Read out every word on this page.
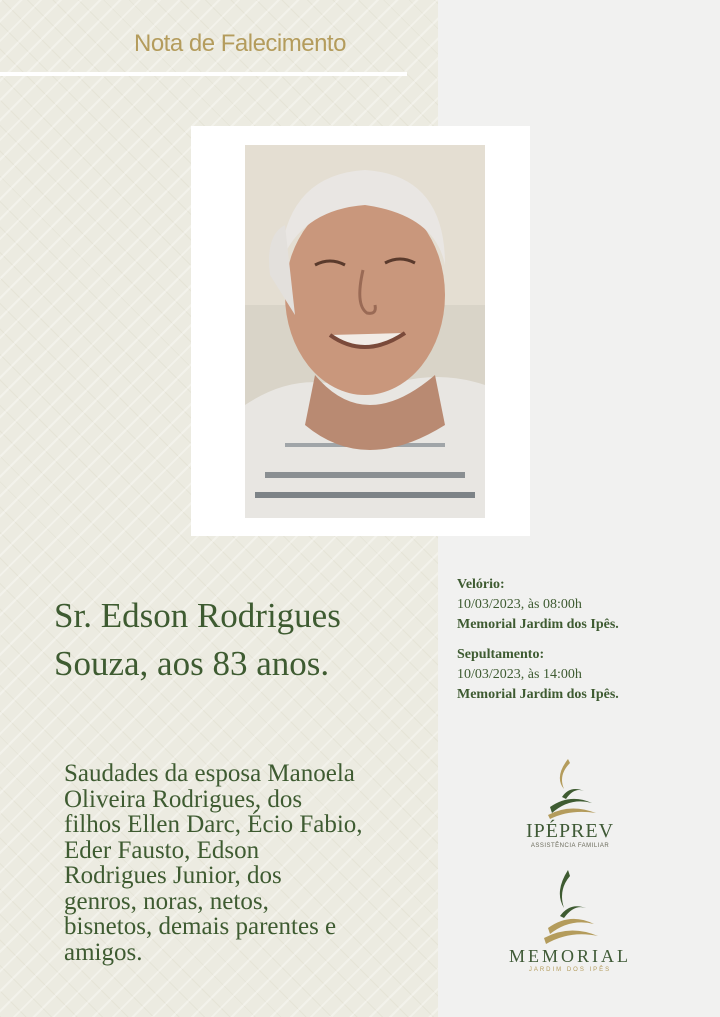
Nota de Falecimento
Sr. Edson Rodrigues
Souza, aos 83 anos.
Saudades da esposa Manoela
Oliveira Rodrigues, dos
filhos Ellen Darc, Écio Fabio,
Eder Fausto, Edson
Rodrigues Junior, dos
genros, noras, netos,
bisnetos, demais parentes e
amigos.
Velório:
10/03/2023, às 08:00h
Memorial Jardim dos Ipês.
Sepultamento:
10/03/2023, às 14:00h
Memorial Jardim dos Ipês.
IPÉPREV
ASSISTÊNCIA FAMILIAR
MEMORIAL
JARDIM DOS IPÊS
